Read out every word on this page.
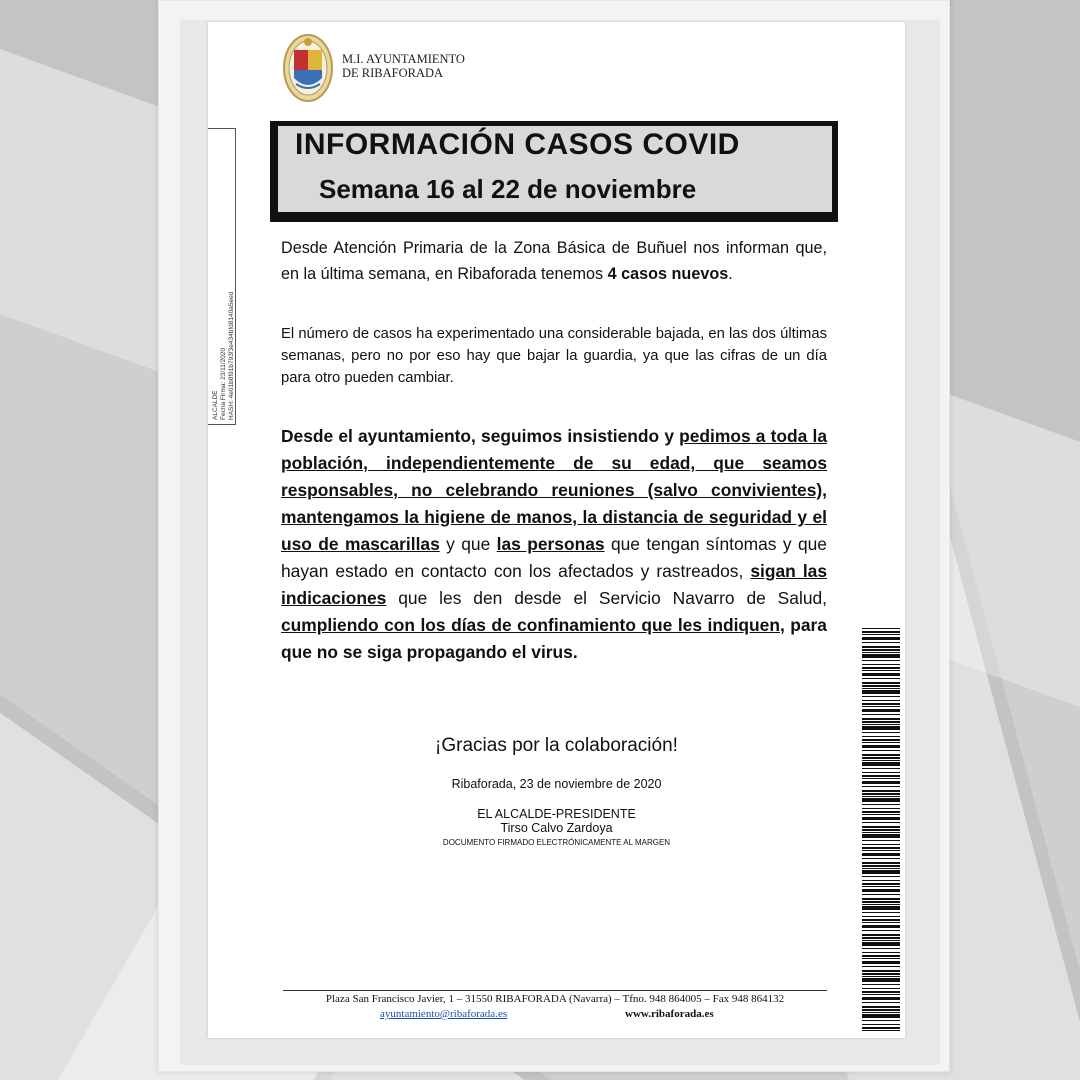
M.I. AYUNTAMIENTO
DE RIBAFORADA
ALCALDE Fecha Firma: 23/11/2020 HASH: 4e01b8f91b793f3e434bfd8140a5eed
INFORMACIÓN CASOS COVID
Semana 16 al 22 de noviembre
Desde Atención Primaria de la Zona Básica de Buñuel nos informan que, en la última semana, en Ribaforada tenemos 4 casos nuevos.
El número de casos ha experimentado una considerable bajada, en las dos últimas semanas, pero no por eso hay que bajar la guardia, ya que las cifras de un día para otro pueden cambiar.
Desde el ayuntamiento, seguimos insistiendo y pedimos a toda la población, independientemente de su edad, que seamos responsables, no celebrando reuniones (salvo convivientes), mantengamos la higiene de manos, la distancia de seguridad y el uso de mascarillas y que las personas que tengan síntomas y que hayan estado en contacto con los afectados y rastreados, sigan las indicaciones que les den desde el Servicio Navarro de Salud, cumpliendo con los días de confinamiento que les indiquen, para que no se siga propagando el virus.
¡Gracias por la colaboración!
Ribaforada, 23 de noviembre de 2020
EL ALCALDE-PRESIDENTE
Tirso Calvo Zardoya
DOCUMENTO FIRMADO ELECTRÓNICAMENTE AL MARGEN
Plaza San Francisco Javier, 1 – 31550 RIBAFORADA (Navarra) – Tfno. 948 864005 – Fax 948 864132
ayuntamiento@ribaforada.es	www.ribaforada.es
